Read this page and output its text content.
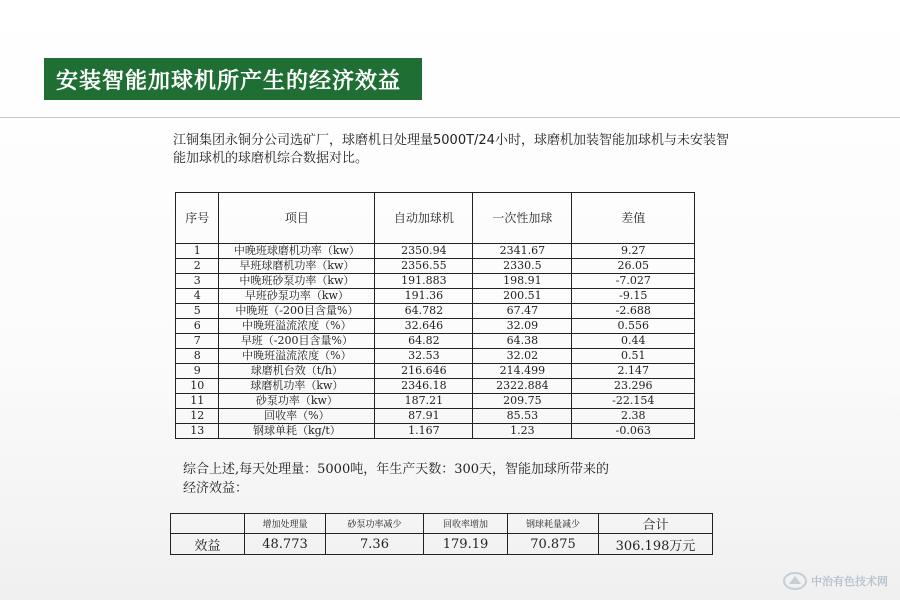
安装智能加球机所产生的经济效益
江铜集团永铜分公司选矿厂，球磨机日处理量5000T/24小时，球磨机加装智能加球机与未安装智能加球机的球磨机综合数据对比。
序号	项目	自动加球机	一次性加球	差值
1	中晚班球磨机功率（kw）	2350.94	2341.67	9.27
2	早班球磨机功率（kw）	2356.55	2330.5	26.05
3	中晚班砂泵功率（kw）	191.883	198.91	-7.027
4	早班砂泵功率（kw）	191.36	200.51	-9.15
5	中晚班（-200目含量%）	64.782	67.47	-2.688
6	中晚班溢流浓度（%）	32.646	32.09	0.556
7	早班（-200目含量%）	64.82	64.38	0.44
8	中晚班溢流浓度（%）	32.53	32.02	0.51
9	球磨机台效（t/h）	216.646	214.499	2.147
10	球磨机功率（kw）	2346.18	2322.884	23.296
11	砂泵功率（kw）	187.21	209.75	-22.154
12	回收率（%）	87.91	85.53	2.38
13	钢球单耗（kg/t）	1.167	1.23	-0.063
综合上述,每天处理量：5000吨，年生产天数：300天，智能加球所带来的
经济效益：
	增加处理量	砂泵功率减少	回收率增加	钢球耗量减少	合计
效益	48.773	7.36	179.19	70.875	306.198万元
中治有色技术网
